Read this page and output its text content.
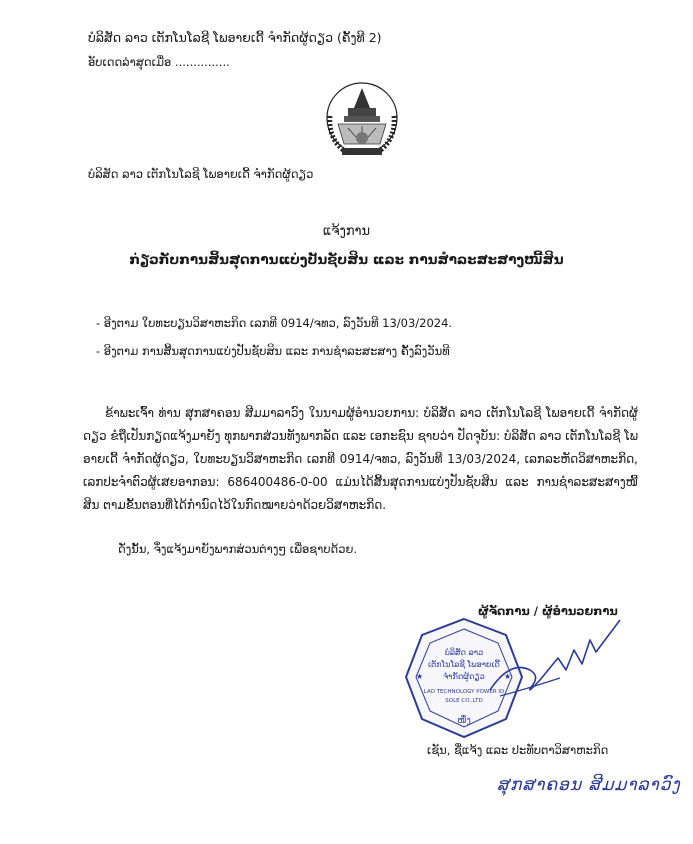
ບໍລິສັດ ລາວ ເຕັກໂນໂລຊີ ໂພອາຍເດີ້ ຈຳກັດຜູ້ດຽວ (ຄັ້ງທີ 2)
ອັບເດດລ່າສຸດເມື່ອ ...............
ບໍລິສັດ ລາວ ເຕັກໂນໂລຊີ ໂພອາຍເດີ້ ຈຳກັດຜູ້ດຽວ
ແຈ້ງການ
ກ່ຽວກັບການສິ້ນສຸດການແບ່ງປັນຊັບສິນ ແລະ ການສຳລະສະສາງໜີ້ສິນ
- ອີງຕາມ ໃບທະບຽນວິສາຫະກິດ ເລກທີ 0914/ຈທວ, ລົງວັນທີ 13/03/2024.
- ອີງຕາມ ການສິ້ນສຸດການແບ່ງປັນຊັບສິນ ແລະ ການຊຳລະສະສາງ ຄັ້ງລົງວັນທີ
ຂ້າພະເຈົ້າ ທ່ານ ສຸກສາຄອນ ສີມມາລາວົງ ໃນນາມຜູ້ອຳນວຍການ: ບໍລິສັດ ລາວ ເຕັກໂນໂລຊີ ໂພອາຍເດີ້ ຈຳກັດຜູ້ດຽວ ຂໍຖືເປັນກຽດແຈ້ງມາຍັງ ທຸກພາກສ່ວນທັງພາກລັດ ແລະ ເອກະຊົນ ຊາບວ່າ ປັດຈຸບັນ: ບໍລິສັດ ລາວ ເຕັກໂນໂລຊີ ໂພອາຍເດີ້ ຈຳກັດຜູ້ດຽວ, ໃບທະບຽນວິສາຫະກິດ ເລກທີ 0914/ຈທວ, ລົງວັນທີ 13/03/2024, ເລກລະຫັດວິສາຫະກິດ, ເລກປະຈຳຕົວຜູ້ເສຍອາກອນ: 686400486-0-00 ແມ່ນໄດ້ສິ້ນສຸດການແບ່ງປັນຊັບສິນ ແລະ ການຊຳລະສະສາງໜີ້ສິນ ຕາມຂັ້ນຕອນທີ່ໄດ້ກຳນົດໄວ້ໃນກົດໝາຍວ່າດ້ວຍວິສາຫະກິດ.
ດັ່ງນັ້ນ, ຈຶ່ງແຈ້ງມາຍັງພາກສ່ວນຕ່າງໆ ເພື່ອຊາບດ້ວຍ.
ຜູ້ຈັດການ / ຜູ້ອຳນວຍການ
ບໍລິສັດ ລາວ
ເຕັກໂນໂລຊີ ໂພອາຍເດີ້
ຈຳກັດຜູ້ດຽວ
LAO TECHNOLOGY POWER ID
SOLE CO.,LTD
ໜຶ່ງ
★	★
ເຊັນ, ຊື່ແຈ້ງ ແລະ ປະທັບຕາວິສາຫະກິດ
ສຸກສາຄອນ ສີມມາລາວົງ
